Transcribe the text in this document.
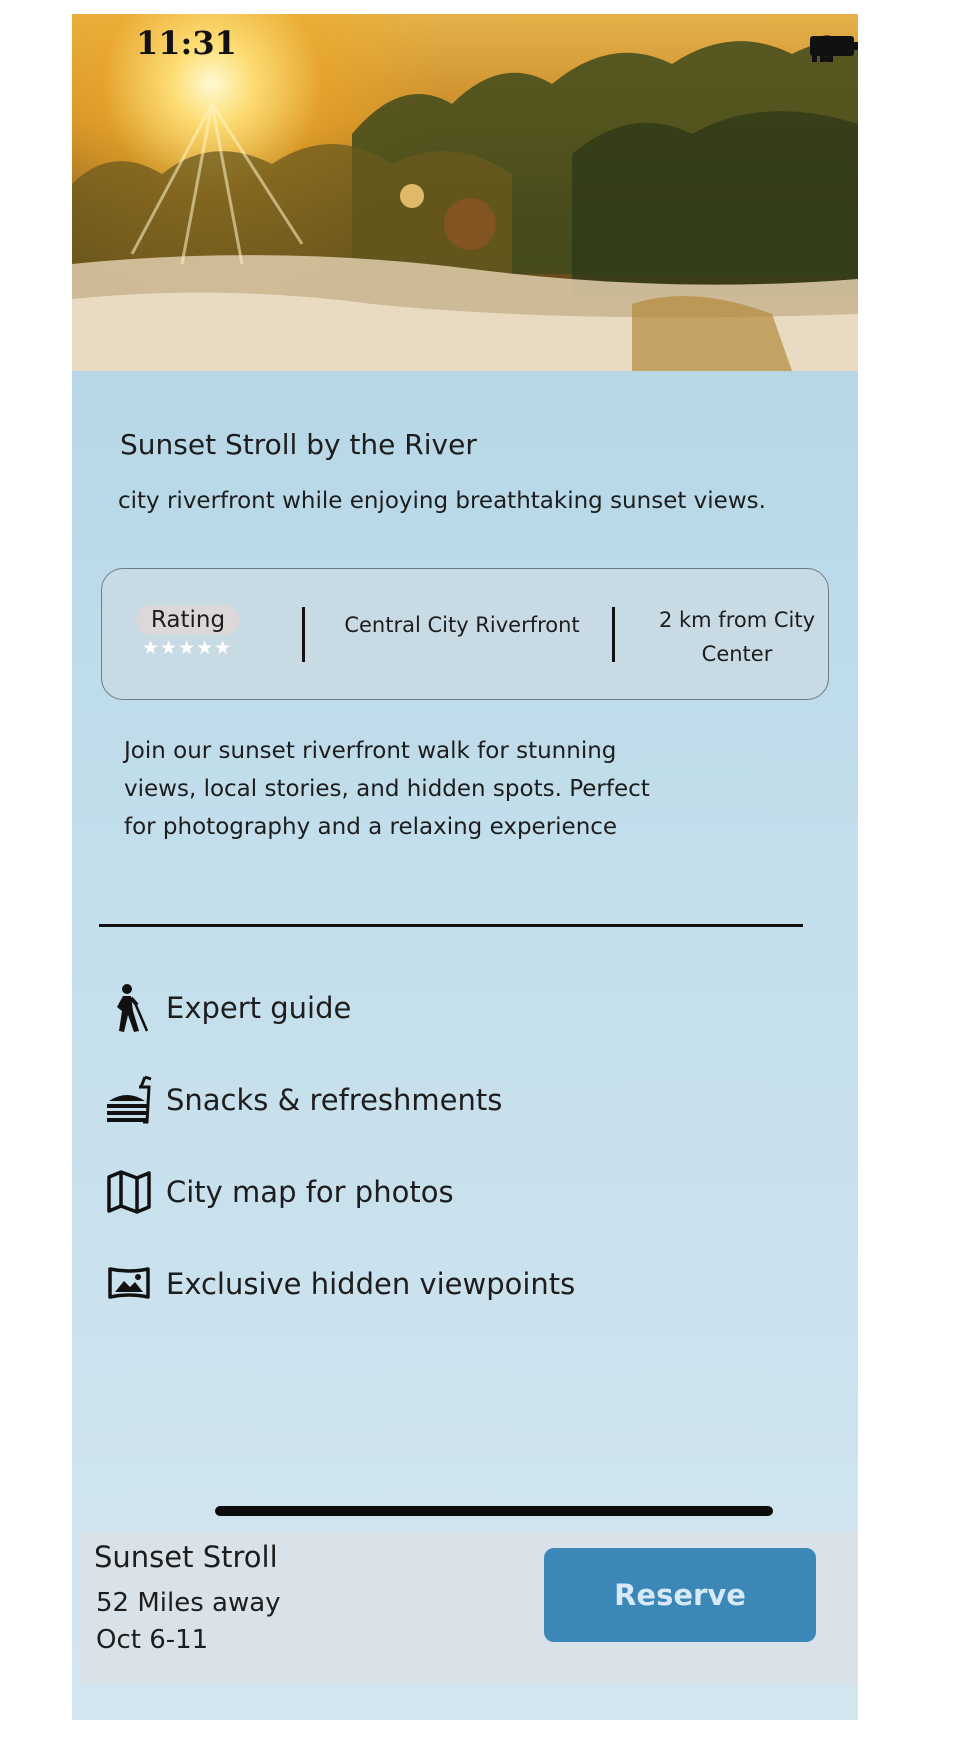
11:31
Sunset Stroll by the River
city riverfront while enjoying breathtaking sunset views.
Rating
★★★★★
Central City Riverfront	2 km from City Center
Join our sunset riverfront walk for stunning views, local stories, and hidden spots. Perfect for photography and a relaxing experience
Expert guide
Snacks & refreshments
City map for photos
Exclusive hidden viewpoints
Sunset Stroll
52 Miles away
Oct 6-11
Reserve
